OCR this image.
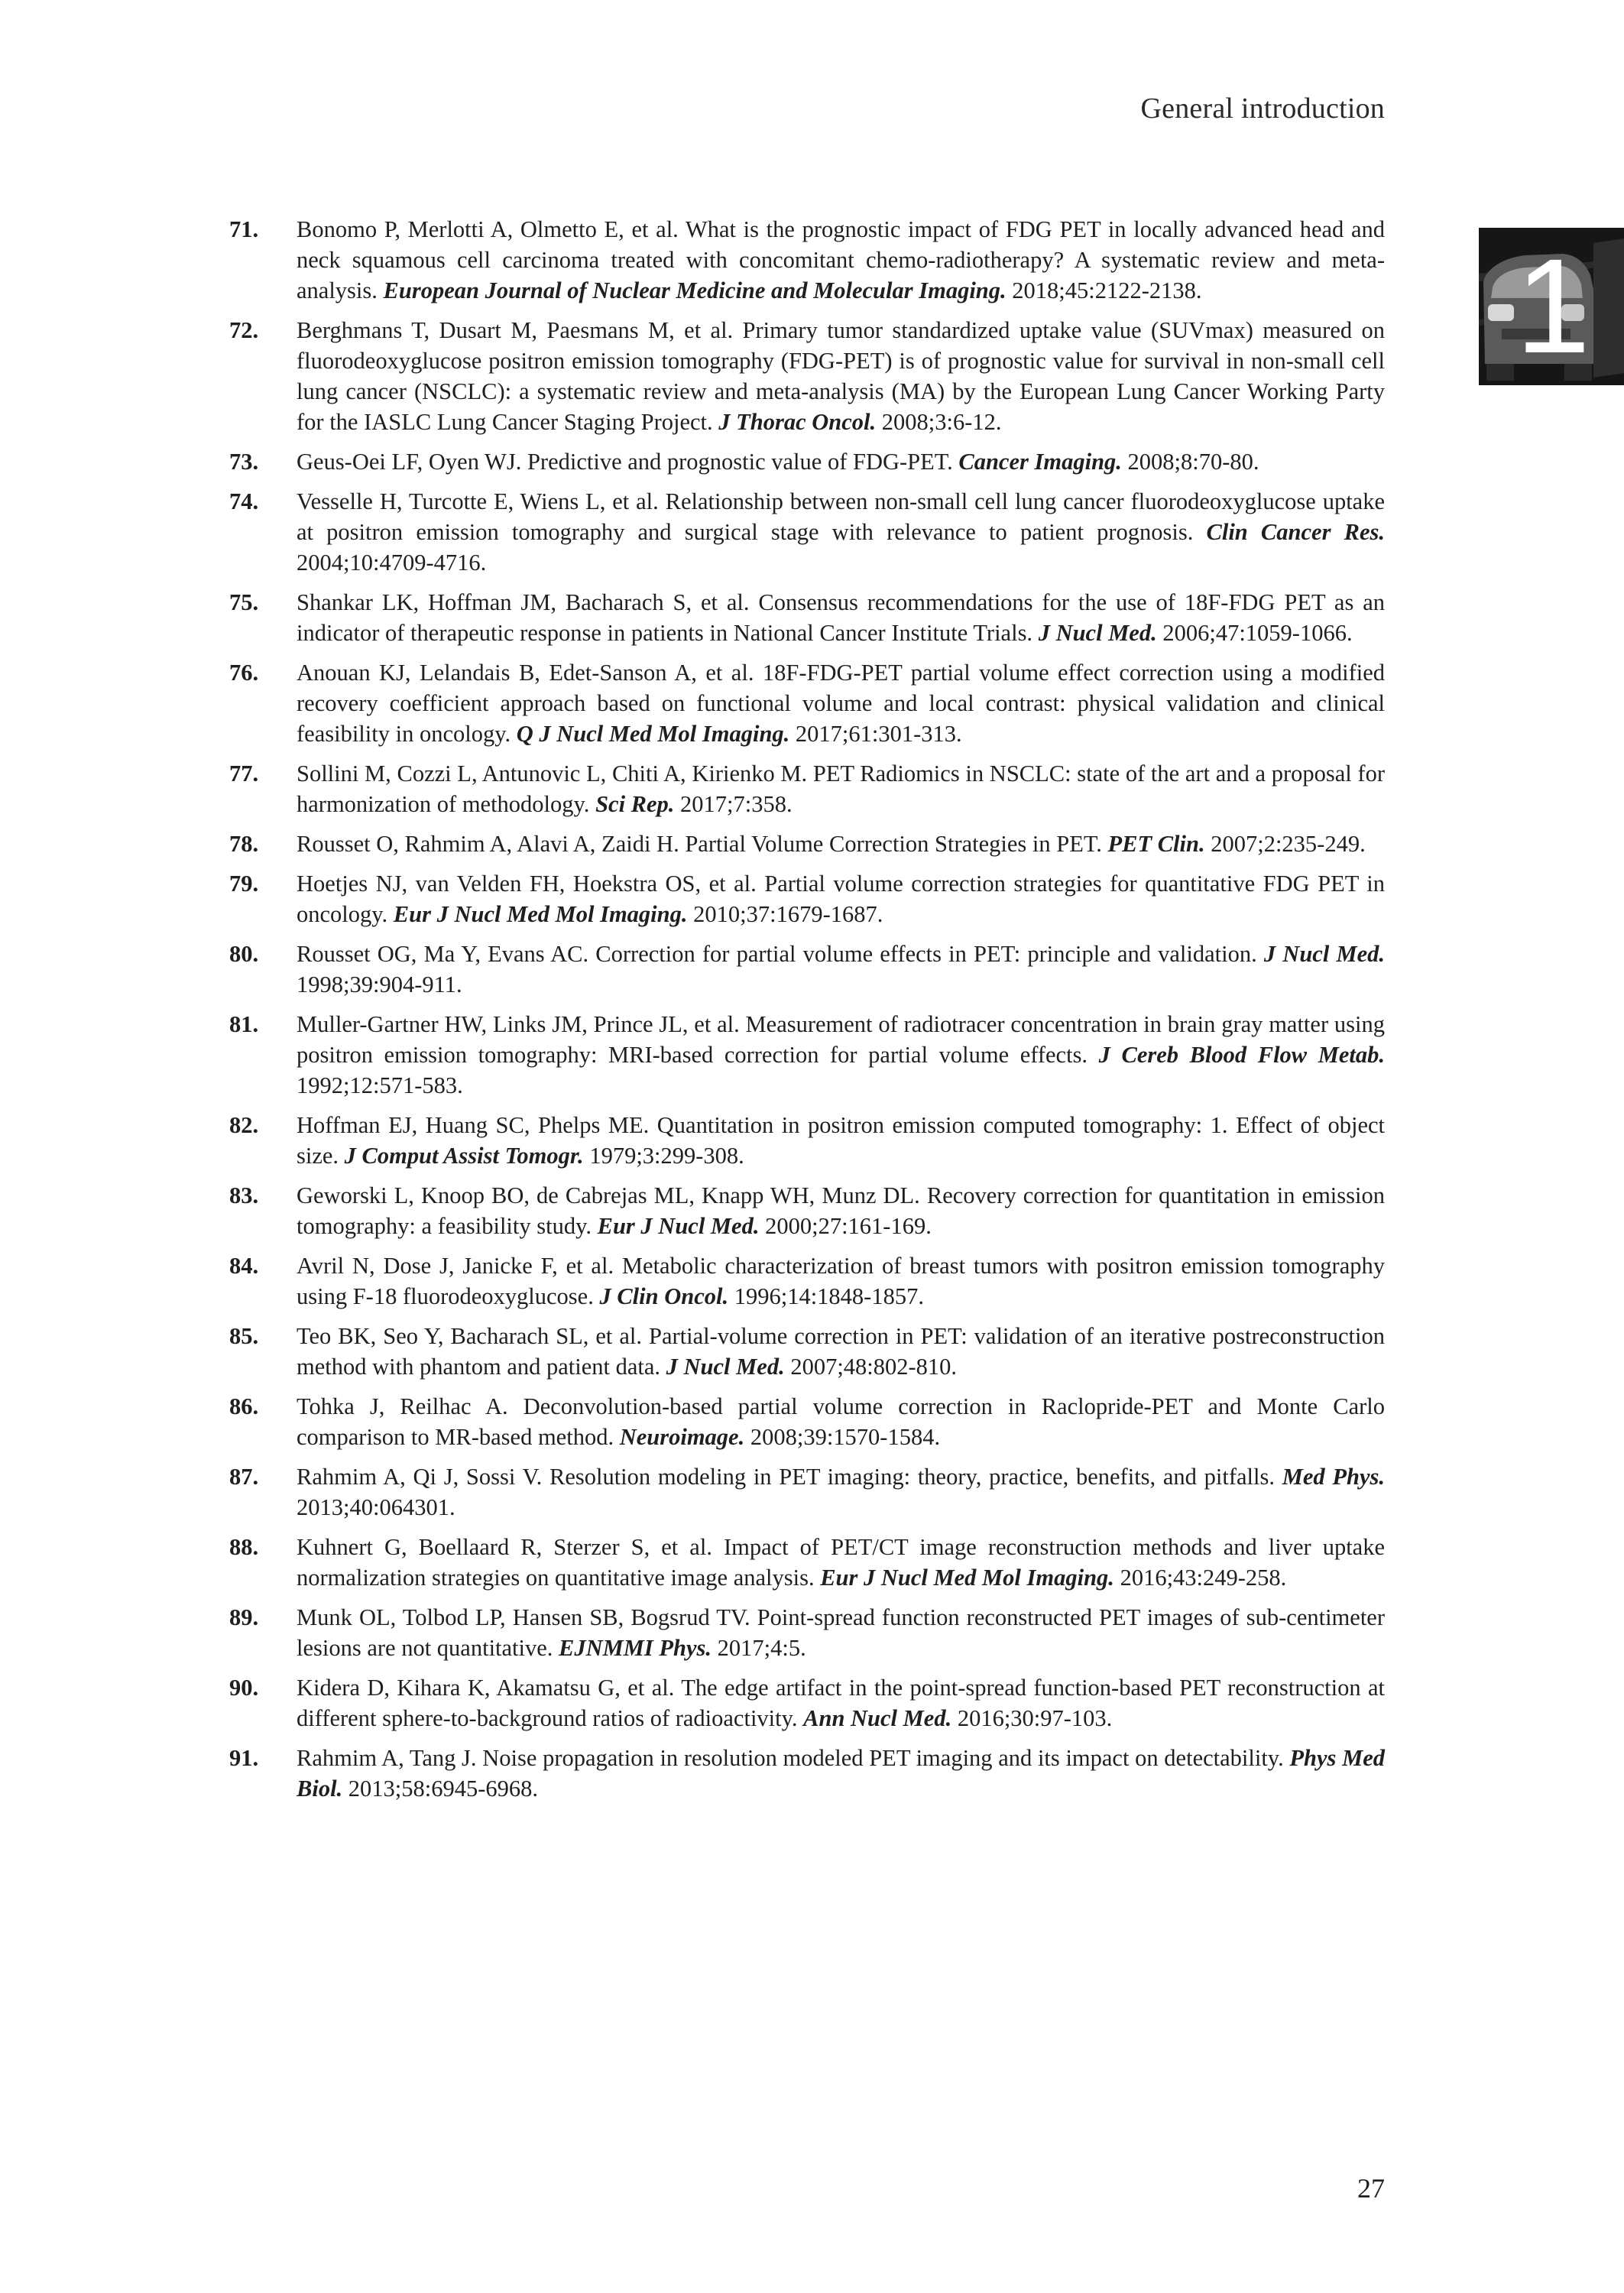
General introduction
1
71.	Bonomo P, Merlotti A, Olmetto E, et al. What is the prognostic impact of FDG PET in locally advanced head and neck squamous cell carcinoma treated with concomitant chemo-radiotherapy? A systematic review and meta-analysis. European Journal of Nuclear Medicine and Molecular Imaging. 2018;45:2122-2138.
72.	Berghmans T, Dusart M, Paesmans M, et al. Primary tumor standardized uptake value (SUVmax) measured on fluorodeoxyglucose positron emission tomography (FDG-PET) is of prognostic value for survival in non-small cell lung cancer (NSCLC): a systematic review and meta-analysis (MA) by the European Lung Cancer Working Party for the IASLC Lung Cancer Staging Project. J Thorac Oncol. 2008;3:6-12.
73.	Geus-Oei LF, Oyen WJ. Predictive and prognostic value of FDG-PET. Cancer Imaging. 2008;8:70-80.
74.	Vesselle H, Turcotte E, Wiens L, et al. Relationship between non-small cell lung cancer fluorodeoxyglucose uptake at positron emission tomography and surgical stage with relevance to patient prognosis. Clin Cancer Res. 2004;10:4709-4716.
75.	Shankar LK, Hoffman JM, Bacharach S, et al. Consensus recommendations for the use of 18F-FDG PET as an indicator of therapeutic response in patients in National Cancer Institute Trials. J Nucl Med. 2006;47:1059-1066.
76.	Anouan KJ, Lelandais B, Edet-Sanson A, et al. 18F-FDG-PET partial volume effect correction using a modified recovery coefficient approach based on functional volume and local contrast: physical validation and clinical feasibility in oncology. Q J Nucl Med Mol Imaging. 2017;61:301-313.
77.	Sollini M, Cozzi L, Antunovic L, Chiti A, Kirienko M. PET Radiomics in NSCLC: state of the art and a proposal for harmonization of methodology. Sci Rep. 2017;7:358.
78.	Rousset O, Rahmim A, Alavi A, Zaidi H. Partial Volume Correction Strategies in PET. PET Clin. 2007;2:235-249.
79.	Hoetjes NJ, van Velden FH, Hoekstra OS, et al. Partial volume correction strategies for quantitative FDG PET in oncology. Eur J Nucl Med Mol Imaging. 2010;37:1679-1687.
80.	Rousset OG, Ma Y, Evans AC. Correction for partial volume effects in PET: principle and validation. J Nucl Med. 1998;39:904-911.
81.	Muller-Gartner HW, Links JM, Prince JL, et al. Measurement of radiotracer concentration in brain gray matter using positron emission tomography: MRI-based correction for partial volume effects. J Cereb Blood Flow Metab. 1992;12:571-583.
82.	Hoffman EJ, Huang SC, Phelps ME. Quantitation in positron emission computed tomography: 1. Effect of object size. J Comput Assist Tomogr. 1979;3:299-308.
83.	Geworski L, Knoop BO, de Cabrejas ML, Knapp WH, Munz DL. Recovery correction for quantitation in emission tomography: a feasibility study. Eur J Nucl Med. 2000;27:161-169.
84.	Avril N, Dose J, Janicke F, et al. Metabolic characterization of breast tumors with positron emission tomography using F-18 fluorodeoxyglucose. J Clin Oncol. 1996;14:1848-1857.
85.	Teo BK, Seo Y, Bacharach SL, et al. Partial-volume correction in PET: validation of an iterative postreconstruction method with phantom and patient data. J Nucl Med. 2007;48:802-810.
86.	Tohka J, Reilhac A. Deconvolution-based partial volume correction in Raclopride-PET and Monte Carlo comparison to MR-based method. Neuroimage. 2008;39:1570-1584.
87.	Rahmim A, Qi J, Sossi V. Resolution modeling in PET imaging: theory, practice, benefits, and pitfalls. Med Phys. 2013;40:064301.
88.	Kuhnert G, Boellaard R, Sterzer S, et al. Impact of PET/CT image reconstruction methods and liver uptake normalization strategies on quantitative image analysis. Eur J Nucl Med Mol Imaging. 2016;43:249-258.
89.	Munk OL, Tolbod LP, Hansen SB, Bogsrud TV. Point-spread function reconstructed PET images of sub-centimeter lesions are not quantitative. EJNMMI Phys. 2017;4:5.
90.	Kidera D, Kihara K, Akamatsu G, et al. The edge artifact in the point-spread function-based PET reconstruction at different sphere-to-background ratios of radioactivity. Ann Nucl Med. 2016;30:97-103.
91.	Rahmim A, Tang J. Noise propagation in resolution modeled PET imaging and its impact on detectability. Phys Med Biol. 2013;58:6945-6968.
27
